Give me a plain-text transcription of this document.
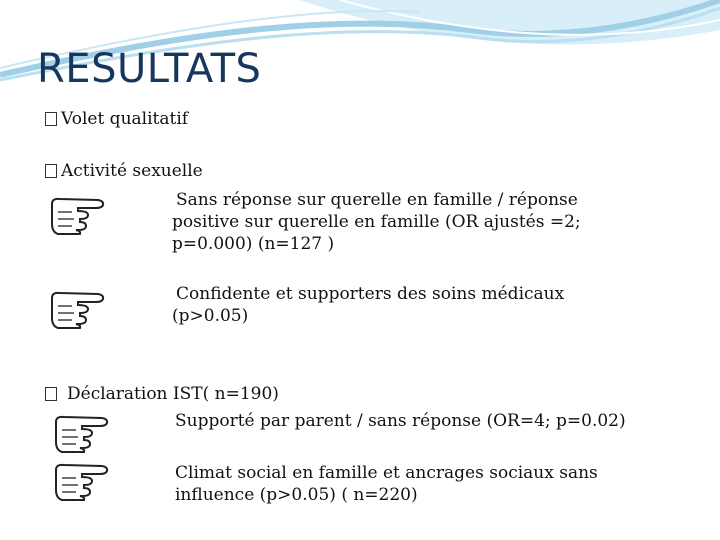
RESULTATS
Volet qualitatif
Activité sexuelle
Sans réponse sur querelle en famille / réponse
positive sur querelle en famille (OR ajustés =2;
p=0.000) (n=127 )
Confidente et supporters des soins médicaux
(p>0.05)
Déclaration IST( n=190)
Supporté par parent / sans réponse (OR=4; p=0.02)
Climat social en famille et ancrages sociaux sans
influence (p>0.05) ( n=220)
